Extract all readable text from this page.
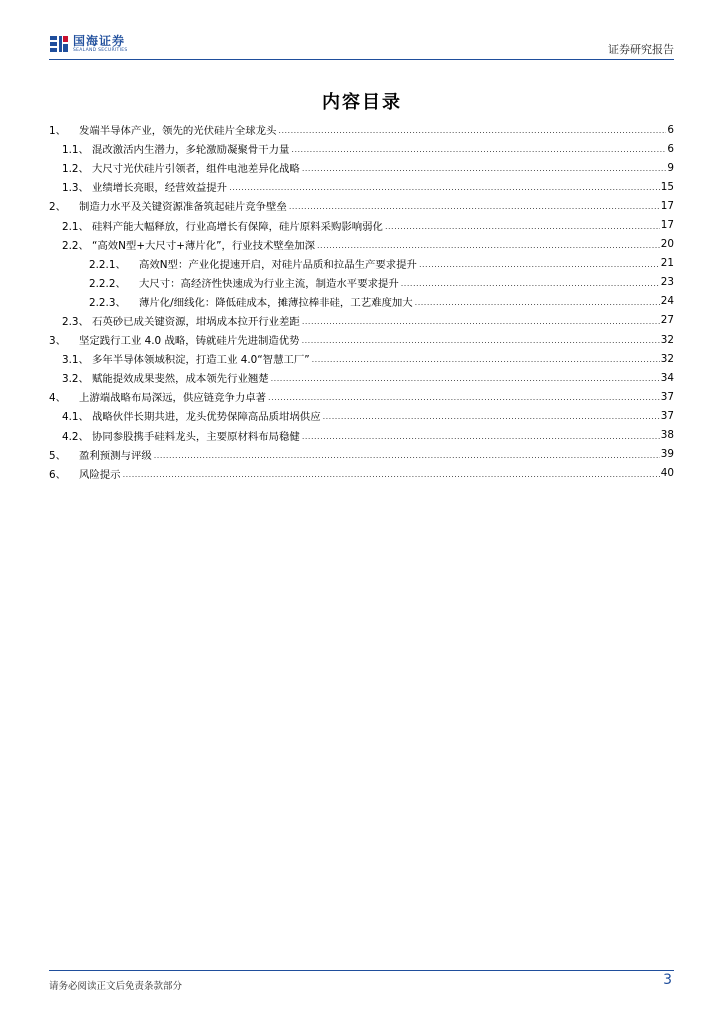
国海证券
SEALAND SECURITIES	证券研究报告
内容目录
1、	发端半导体产业，领先的光伏硅片全球龙头 .....	6
1.1、 混改激活内生潜力，多轮激励凝聚骨干力量 .....	6
1.2、 大尺寸光伏硅片引领者，组件电池差异化战略 .....	9
1.3、 业绩增长亮眼，经营效益提升 .....	15
2、	制造力水平及关键资源准备筑起硅片竞争壁垒 .....	17
2.1、 硅料产能大幅释放，行业高增长有保障，硅片原料采购影响弱化 .....	17
2.2、 “高效N型+大尺寸+薄片化”，行业技术壁垒加深 .....	20
2.2.1、	高效N型：产业化提速开启，对硅片品质和拉晶生产要求提升 .....	21
2.2.2、	大尺寸：高经济性快速成为行业主流，制造水平要求提升 .....	23
2.2.3、	薄片化/细线化：降低硅成本，摊薄拉棒非硅，工艺难度加大 .....	24
2.3、 石英砂已成关键资源，坩埚成本拉开行业差距 .....	27
3、	坚定践行工业 4.0 战略，铸就硅片先进制造优势 .....	32
3.1、 多年半导体领域积淀，打造工业 4.0“智慧工厂” .....	32
3.2、 赋能提效成果斐然，成本领先行业翘楚 .....	34
4、	上游端战略布局深远，供应链竞争力卓著 .....	37
4.1、 战略伙伴长期共进，龙头优势保障高品质坩埚供应 .....	37
4.2、 协同参股携手硅料龙头，主要原材料布局稳健 .....	38
5、	盈利预测与评级 .....	39
6、	风险提示 .....	40
请务必阅读正文后免责条款部分	3
